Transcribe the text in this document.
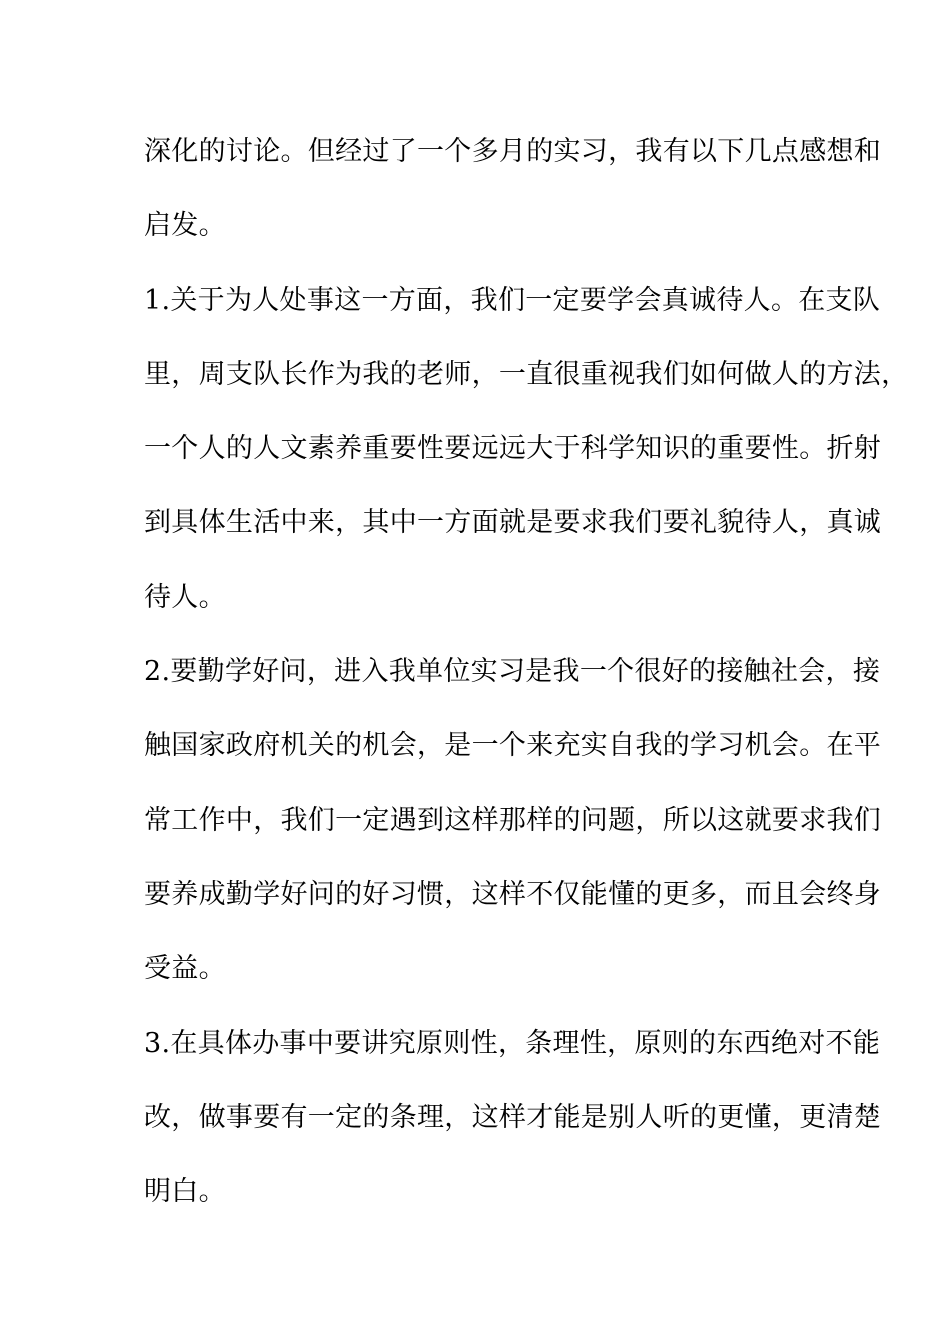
深化的讨论。但经过了一个多月的实习，我有以下几点感想和
启发。
1.关于为人处事这一方面，我们一定要学会真诚待人。在支队
里，周支队长作为我的老师，一直很重视我们如何做人的方法，
一个人的人文素养重要性要远远大于科学知识的重要性。折射
到具体生活中来，其中一方面就是要求我们要礼貌待人，真诚
待人。
2.要勤学好问，进入我单位实习是我一个很好的接触社会，接
触国家政府机关的机会，是一个来充实自我的学习机会。在平
常工作中，我们一定遇到这样那样的问题，所以这就要求我们
要养成勤学好问的好习惯，这样不仅能懂的更多，而且会终身
受益。
3.在具体办事中要讲究原则性，条理性，原则的东西绝对不能
改，做事要有一定的条理，这样才能是别人听的更懂，更清楚
明白。
